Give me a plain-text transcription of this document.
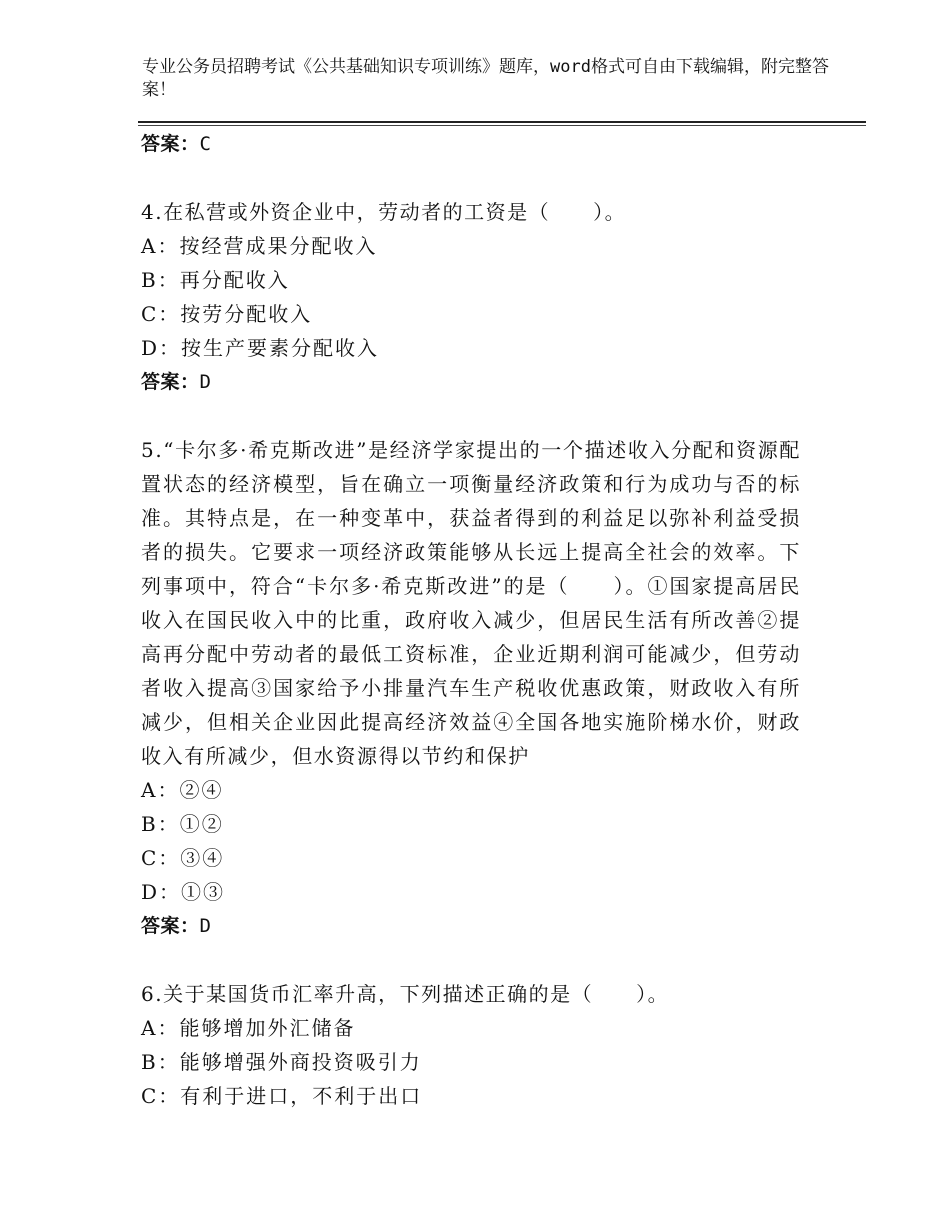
专业公务员招聘考试《公共基础知识专项训练》题库，word格式可自由下载编辑，附完整答案！
答案：C
4.在私营或外资企业中，劳动者的工资是（　　）。
A：按经营成果分配收入
B：再分配收入
C：按劳分配收入
D：按生产要素分配收入
答案：D
5.“卡尔多·希克斯改进”是经济学家提出的一个描述收入分配和资源配置状态的经济模型，旨在确立一项衡量经济政策和行为成功与否的标准。其特点是，在一种变革中，获益者得到的利益足以弥补利益受损者的损失。它要求一项经济政策能够从长远上提高全社会的效率。下列事项中，符合“卡尔多·希克斯改进”的是（　　）。①国家提高居民收入在国民收入中的比重，政府收入减少，但居民生活有所改善②提高再分配中劳动者的最低工资标准，企业近期利润可能减少，但劳动者收入提高③国家给予小排量汽车生产税收优惠政策，财政收入有所减少，但相关企业因此提高经济效益④全国各地实施阶梯水价，财政收入有所减少，但水资源得以节约和保护
A：②④
B：①②
C：③④
D：①③
答案：D
6.关于某国货币汇率升高，下列描述正确的是（　　）。
A：能够增加外汇储备
B：能够增强外商投资吸引力
C：有利于进口，不利于出口
